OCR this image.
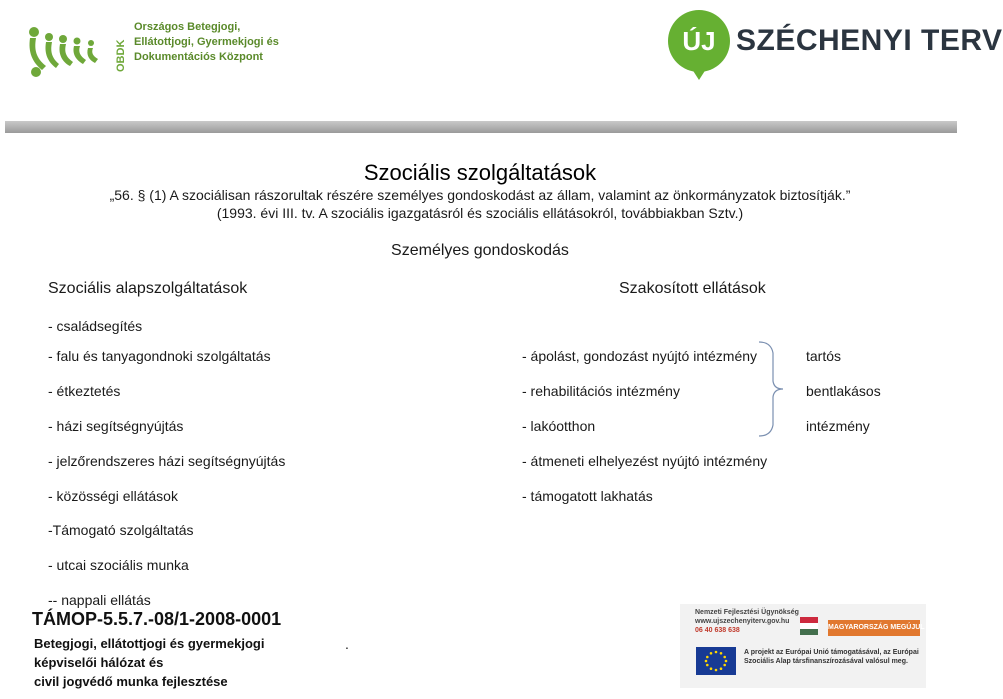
OBDK
Országos Betegjogi,
Ellátottjogi, Gyermekjogi és
Dokumentációs Központ
ÚJ SZÉCHENYI TERV
Szociális szolgáltatások
„56. § (1) A szociálisan rászorultak részére személyes gondoskodást az állam, valamint az önkormányzatok biztosítják.”
(1993. évi III. tv. A szociális igazgatásról és szociális ellátásokról, továbbiakban Sztv.)
Személyes gondoskodás
Szociális alapszolgáltatások	Szakosított ellátások
- családsegítés
- falu és tanyagondnoki szolgáltatás
- étkeztetés
- házi segítségnyújtás
- jelzőrendszeres házi segítségnyújtás
- közösségi ellátások
-Támogató szolgáltatás
- utcai szociális munka
-- nappali ellátás
- ápolást, gondozást nyújtó intézmény
- rehabilitációs intézmény
- lakóotthon
- átmeneti elhelyezést nyújtó intézmény
- támogatott lakhatás
tartós
bentlakásos
intézmény
TÁMOP-5.5.7.-08/1-2008-0001
Betegjogi, ellátottjogi és gyermekjogi
képviselői hálózat és
civil jogvédő munka fejlesztése
.
Nemzeti Fejlesztési Ügynökség
www.ujszechenyiterv.gov.hu
06 40 638 638	MAGYARORSZÁG MEGÚJUL
A projekt az Európai Unió támogatásával, az Európai
Szociális Alap társfinanszírozásával valósul meg.
